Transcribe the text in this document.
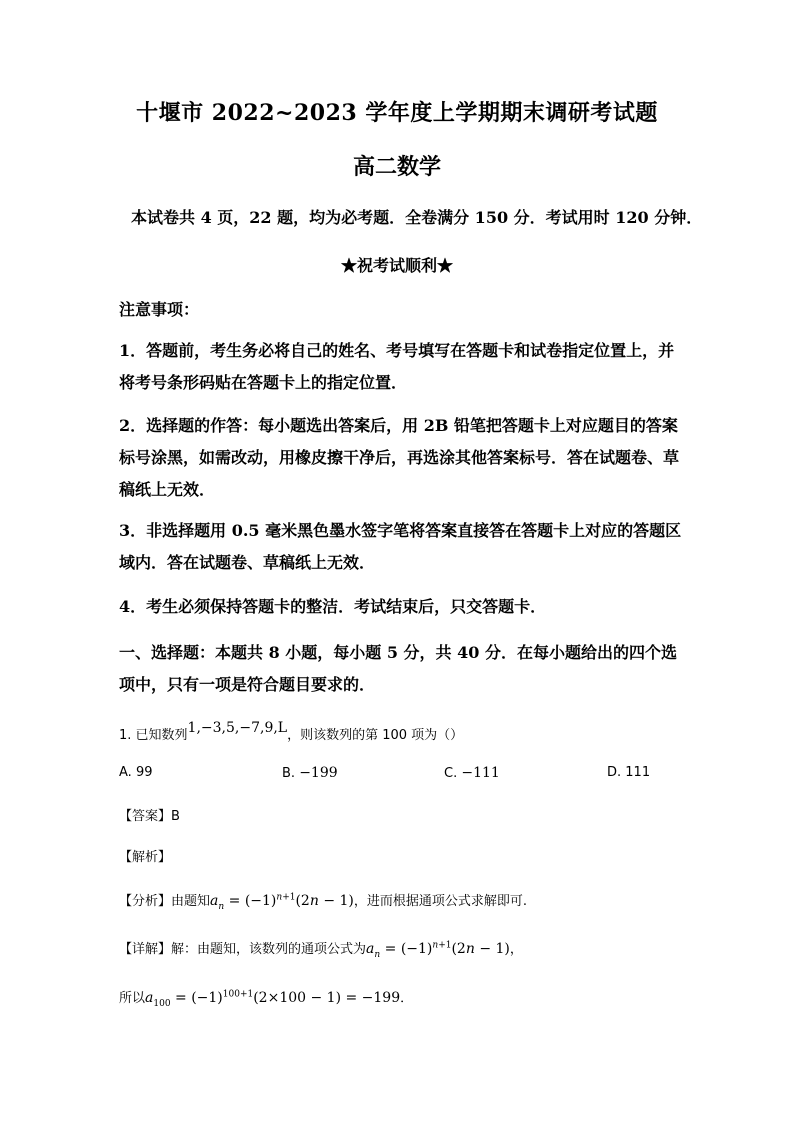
十堰市 2022~2023 学年度上学期期末调研考试题
高二数学
本试卷共 4 页，22 题，均为必考题．全卷满分 150 分．考试用时 120 分钟．
★祝考试顺利★
注意事项：

1．答题前，考生务必将自己的姓名、考号填写在答题卡和试卷指定位置上，并将考号条形码贴在答题卡上的指定位置．

2．选择题的作答：每小题选出答案后，用 2B 铅笔把答题卡上对应题目的答案标号涂黑，如需改动，用橡皮擦干净后，再选涂其他答案标号．答在试题卷、草稿纸上无效．

3．非选择题用 0.5 毫米黑色墨水签字笔将答案直接答在答题卡上对应的答题区域内．答在试题卷、草稿纸上无效．

4．考生必须保持答题卡的整洁．考试结束后，只交答题卡．

一、选择题：本题共 8 小题，每小题 5 分，共 40 分．在每小题给出的四个选项中，只有一项是符合题目要求的．

1. 已知数列1,−3,5,−7,9,L，则该数列的第 100 项为（）
A. 99	B. −199	C. −111	D. 111
【答案】B
【解析】
【分析】由题知$a_n = (-1)^{n+1}(2n - 1)$，进而根据通项公式求解即可.
【详解】解：由题知，该数列的通项公式为$a_n = (-1)^{n+1}(2n - 1)$，
所以$a_{100} = (-1)^{100+1}(2\times 100 - 1) = -199$．
